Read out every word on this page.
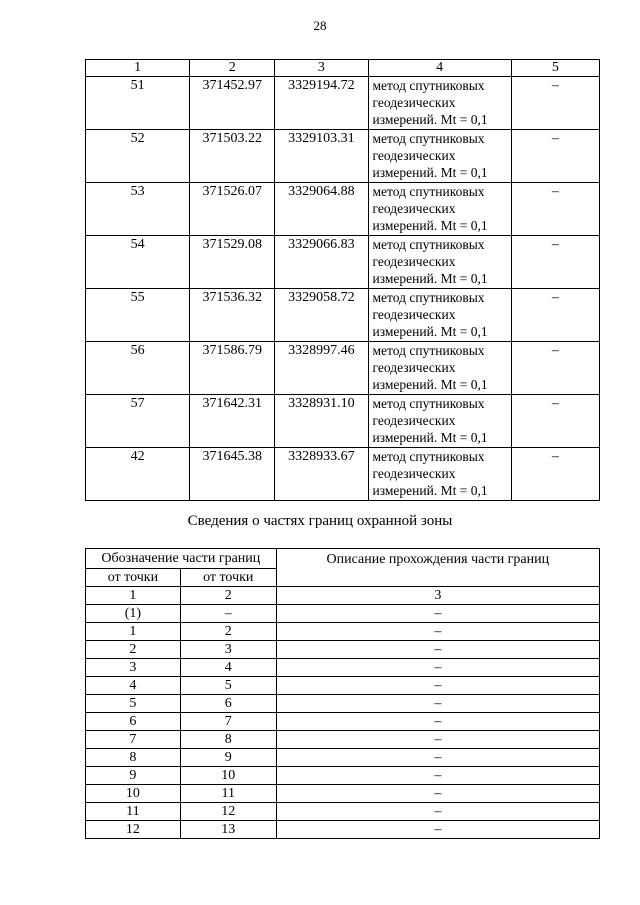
28
1	2	3	4	5
51	371452.97	3329194.72	метод спутниковых
геодезических
измерений. Mt = 0,1	–
52	371503.22	3329103.31	метод спутниковых
геодезических
измерений. Mt = 0,1	–
53	371526.07	3329064.88	метод спутниковых
геодезических
измерений. Mt = 0,1	–
54	371529.08	3329066.83	метод спутниковых
геодезических
измерений. Mt = 0,1	–
55	371536.32	3329058.72	метод спутниковых
геодезических
измерений. Mt = 0,1	–
56	371586.79	3328997.46	метод спутниковых
геодезических
измерений. Mt = 0,1	–
57	371642.31	3328931.10	метод спутниковых
геодезических
измерений. Mt = 0,1	–
42	371645.38	3328933.67	метод спутниковых
геодезических
измерений. Mt = 0,1	–
Сведения о частях границ охранной зоны
Обозначение части границ		Описание прохождения части границ
от точки	от точки	
1	2	3
(1)	–	–
1	2	–
2	3	–
3	4	–
4	5	–
5	6	–
6	7	–
7	8	–
8	9	–
9	10	–
10	11	–
11	12	–
12	13	–
